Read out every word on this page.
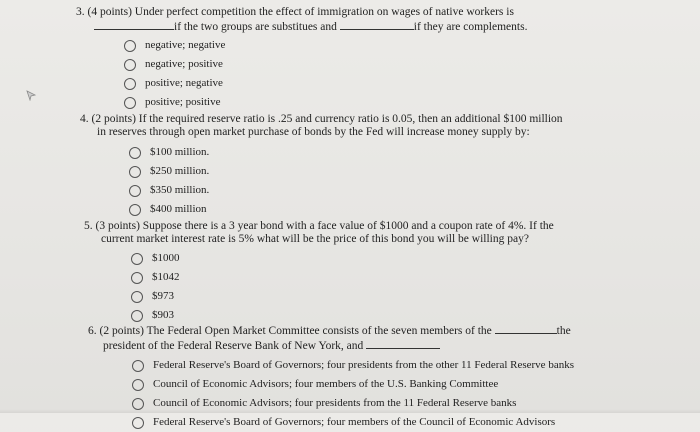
3. (4 points) Under perfect competition the effect of immigration on wages of native workers is
if the two groups are substitues and	if they are complements.
negative; negative
negative; positive
positive; negative
positive; positive
4. (2 points) If the required reserve ratio is .25 and currency ratio is 0.05, then an additional $100 million
in reserves through open market purchase of bonds by the Fed will increase money supply by:
$100 million.
$250 million.
$350 million.
$400 million
5. (3 points) Suppose there is a 3 year bond with a face value of $1000 and a coupon rate of 4%. If the
current market interest rate is 5% what will be the price of this bond you will be willing pay?
$1000
$1042
$973
$903
6. (2 points) The Federal Open Market Committee consists of the seven members of the	the
president of the Federal Reserve Bank of New York, and
Federal Reserve's Board of Governors; four presidents from the other 11 Federal Reserve banks
Council of Economic Advisors; four members of the U.S. Banking Committee
Council of Economic Advisors; four presidents from the 11 Federal Reserve banks
Federal Reserve's Board of Governors; four members of the Council of Economic Advisors
